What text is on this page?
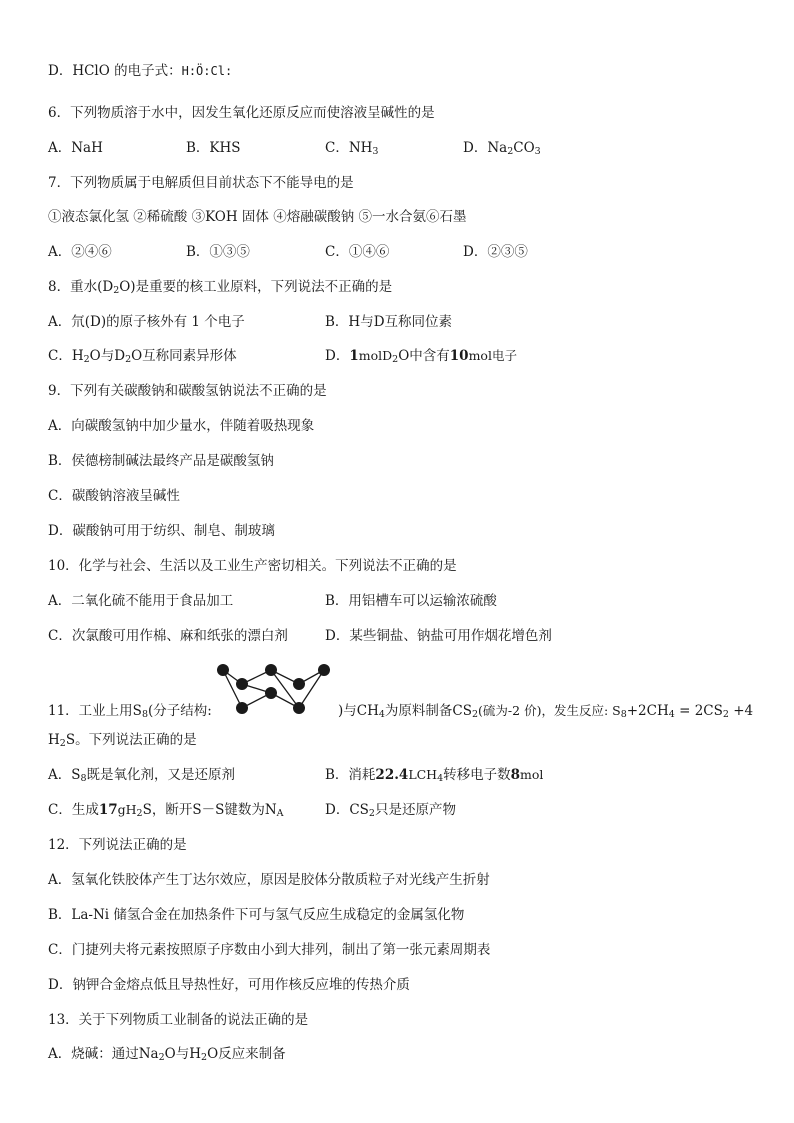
D．HClO 的电子式：H:Ö:Cl:
6．下列物质溶于水中，因发生氧化还原反应而使溶液呈碱性的是
A．NaH	B．KHS	C．$NH_3$	D．$Na_2CO_3$
7．下列物质属于电解质但目前状态下不能导电的是
①液态氯化氢 ②稀硫酸 ③KOH 固体 ④熔融碳酸钠 ⑤一水合氨⑥石墨
A．②④⑥	B．①③⑤	C．①④⑥	D．②③⑤
8．重水$(D_2O)$是重要的核工业原料，下列说法不正确的是
A．氘(D)的原子核外有 1 个电子	B．H与D互称同位素
C．$H_2O$与$D_2O$互称同素异形体	D．1molD$_2$O中含有10mol电子
9．下列有关碳酸钠和碳酸氢钠说法不正确的是
A．向碳酸氢钠中加少量水，伴随着吸热现象
B．侯德榜制碱法最终产品是碳酸氢钠
C．碳酸钠溶液呈碱性
D．碳酸钠可用于纺织、制皂、制玻璃
10．化学与社会、生活以及工业生产密切相关。下列说法不正确的是
A．二氧化硫不能用于食品加工	B．用铝槽车可以运输浓硫酸
C．次氯酸可用作棉、麻和纸张的漂白剂	D．某些铜盐、钠盐可用作烟花增色剂
11．工业上用$S_8$(分子结构:	)与$CH_4$为原料制备$CS_2$(硫为-2 价)，发生反应: $S_8+2CH_4 = 2CS_2 +4$
$H_2S$。下列说法正确的是
A．$S_8$既是氧化剂，又是还原剂	B．消耗$22.4LCH_4$转移电子数8mol
C．生成$17gH_2S$，断开S－S键数为$N_A$	D．$CS_2$只是还原产物
12．下列说法正确的是
A．氢氧化铁胶体产生丁达尔效应，原因是胶体分散质粒子对光线产生折射
B．La-Ni 储氢合金在加热条件下可与氢气反应生成稳定的金属氢化物
C．门捷列夫将元素按照原子序数由小到大排列，制出了第一张元素周期表
D．钠钾合金熔点低且导热性好，可用作核反应堆的传热介质
13．关于下列物质工业制备的说法正确的是
A．烧碱：通过$Na_2O$与$H_2O$反应来制备
